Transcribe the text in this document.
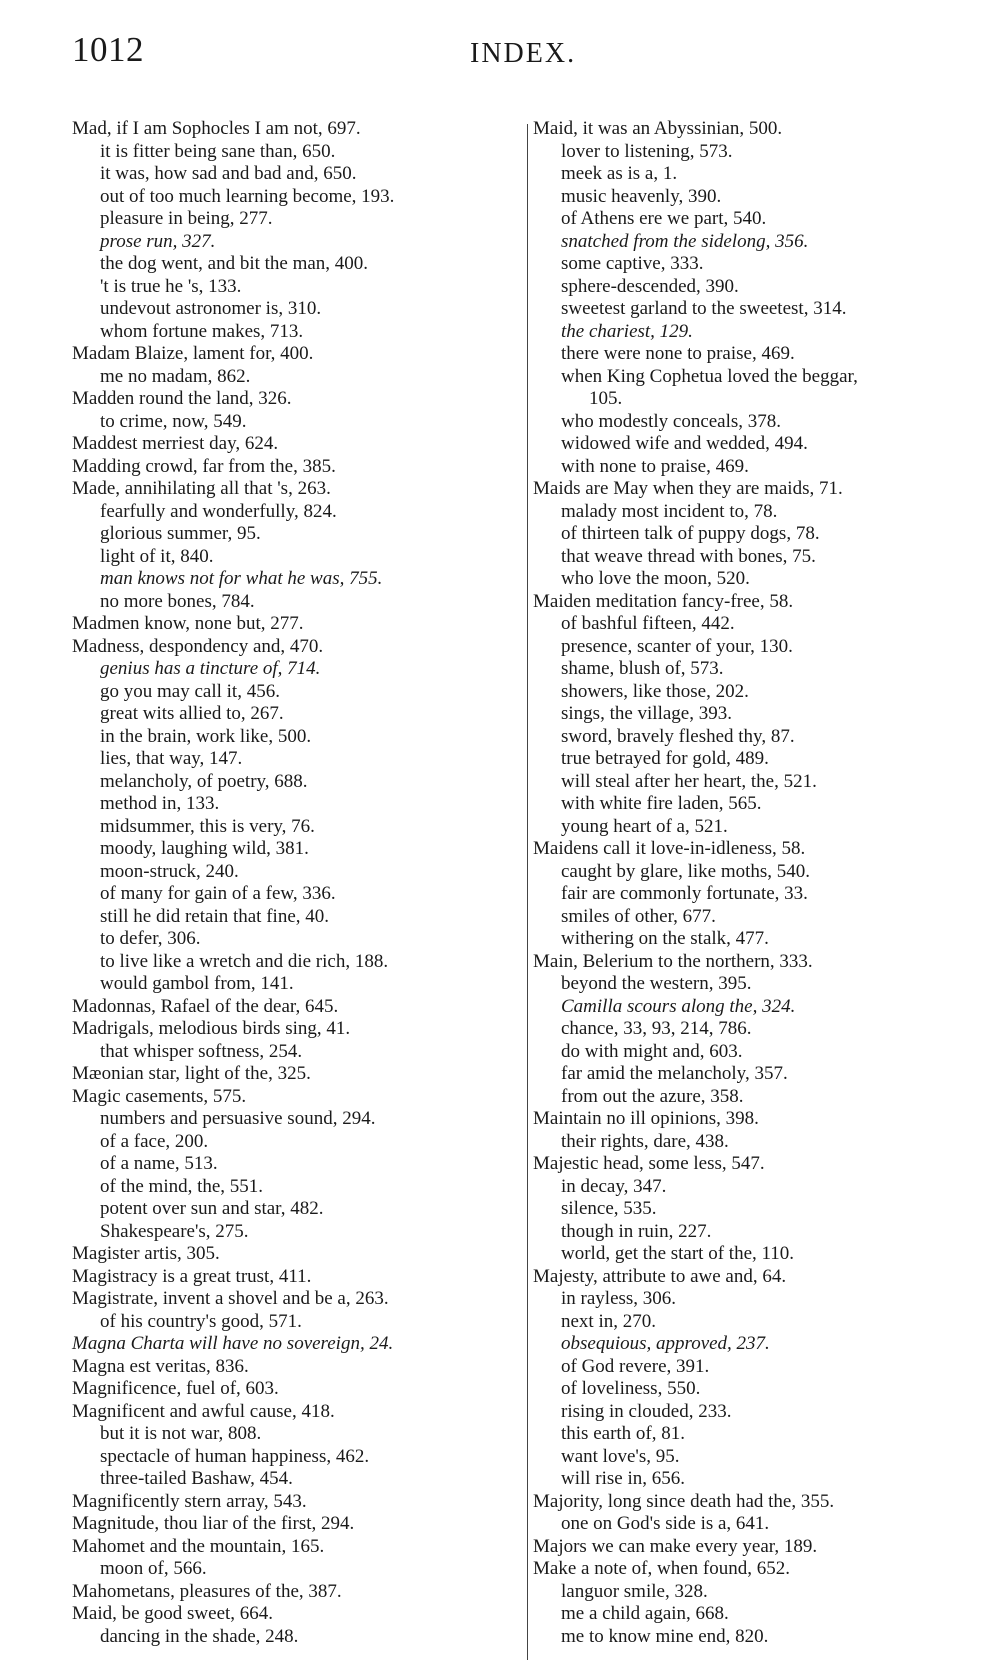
1012	INDEX.
Mad, if I am Sophocles I am not, 697.
it is fitter being sane than, 650.
it was, how sad and bad and, 650.
out of too much learning become, 193.
pleasure in being, 277.
prose run, 327.
the dog went, and bit the man, 400.
't is true he 's, 133.
undevout astronomer is, 310.
whom fortune makes, 713.
Madam Blaize, lament for, 400.
me no madam, 862.
Madden round the land, 326.
to crime, now, 549.
Maddest merriest day, 624.
Madding crowd, far from the, 385.
Made, annihilating all that 's, 263.
fearfully and wonderfully, 824.
glorious summer, 95.
light of it, 840.
man knows not for what he was, 755.
no more bones, 784.
Madmen know, none but, 277.
Madness, despondency and, 470.
genius has a tincture of, 714.
go you may call it, 456.
great wits allied to, 267.
in the brain, work like, 500.
lies, that way, 147.
melancholy, of poetry, 688.
method in, 133.
midsummer, this is very, 76.
moody, laughing wild, 381.
moon-struck, 240.
of many for gain of a few, 336.
still he did retain that fine, 40.
to defer, 306.
to live like a wretch and die rich, 188.
would gambol from, 141.
Madonnas, Rafael of the dear, 645.
Madrigals, melodious birds sing, 41.
that whisper softness, 254.
Mæonian star, light of the, 325.
Magic casements, 575.
numbers and persuasive sound, 294.
of a face, 200.
of a name, 513.
of the mind, the, 551.
potent over sun and star, 482.
Shakespeare's, 275.
Magister artis, 305.
Magistracy is a great trust, 411.
Magistrate, invent a shovel and be a, 263.
of his country's good, 571.
Magna Charta will have no sovereign, 24.
Magna est veritas, 836.
Magnificence, fuel of, 603.
Magnificent and awful cause, 418.
but it is not war, 808.
spectacle of human happiness, 462.
three-tailed Bashaw, 454.
Magnificently stern array, 543.
Magnitude, thou liar of the first, 294.
Mahomet and the mountain, 165.
moon of, 566.
Mahometans, pleasures of the, 387.
Maid, be good sweet, 664.
dancing in the shade, 248.
Maid, it was an Abyssinian, 500.
lover to listening, 573.
meek as is a, 1.
music heavenly, 390.
of Athens ere we part, 540.
snatched from the sidelong, 356.
some captive, 333.
sphere-descended, 390.
sweetest garland to the sweetest, 314.
the chariest, 129.
there were none to praise, 469.
when King Cophetua loved the beggar,
105.
who modestly conceals, 378.
widowed wife and wedded, 494.
with none to praise, 469.
Maids are May when they are maids, 71.
malady most incident to, 78.
of thirteen talk of puppy dogs, 78.
that weave thread with bones, 75.
who love the moon, 520.
Maiden meditation fancy-free, 58.
of bashful fifteen, 442.
presence, scanter of your, 130.
shame, blush of, 573.
showers, like those, 202.
sings, the village, 393.
sword, bravely fleshed thy, 87.
true betrayed for gold, 489.
will steal after her heart, the, 521.
with white fire laden, 565.
young heart of a, 521.
Maidens call it love-in-idleness, 58.
caught by glare, like moths, 540.
fair are commonly fortunate, 33.
smiles of other, 677.
withering on the stalk, 477.
Main, Belerium to the northern, 333.
beyond the western, 395.
Camilla scours along the, 324.
chance, 33, 93, 214, 786.
do with might and, 603.
far amid the melancholy, 357.
from out the azure, 358.
Maintain no ill opinions, 398.
their rights, dare, 438.
Majestic head, some less, 547.
in decay, 347.
silence, 535.
though in ruin, 227.
world, get the start of the, 110.
Majesty, attribute to awe and, 64.
in rayless, 306.
next in, 270.
obsequious, approved, 237.
of God revere, 391.
of loveliness, 550.
rising in clouded, 233.
this earth of, 81.
want love's, 95.
will rise in, 656.
Majority, long since death had the, 355.
one on God's side is a, 641.
Majors we can make every year, 189.
Make a note of, when found, 652.
languor smile, 328.
me a child again, 668.
me to know mine end, 820.
